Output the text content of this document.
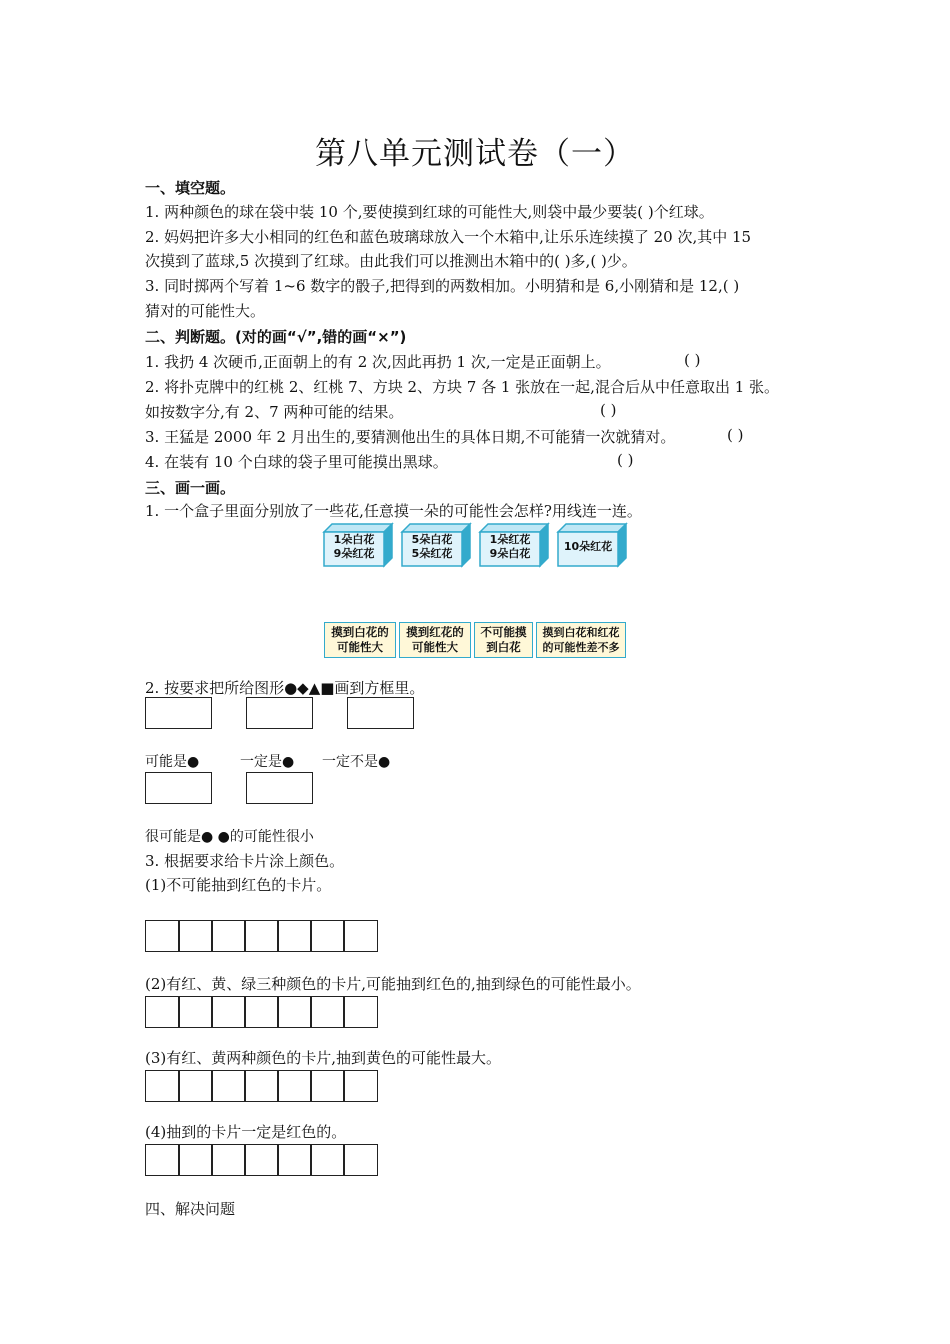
第八单元测试卷（一）
一、填空题。
1. 两种颜色的球在袋中装 10 个,要使摸到红球的可能性大,则袋中最少要装( )个红球。
2. 妈妈把许多大小相同的红色和蓝色玻璃球放入一个木箱中,让乐乐连续摸了 20 次,其中 15
次摸到了蓝球,5 次摸到了红球。由此我们可以推测出木箱中的( )多,( )少。
3. 同时掷两个写着 1~6 数字的骰子,把得到的两数相加。小明猜和是 6,小刚猜和是 12,( )
猜对的可能性大。
二、判断题。(对的画“√”,错的画“×”)
1. 我扔 4 次硬币,正面朝上的有 2 次,因此再扔 1 次,一定是正面朝上。	( )
2. 将扑克牌中的红桃 2、红桃 7、方块 2、方块 7 各 1 张放在一起,混合后从中任意取出 1 张。
如按数字分,有 2、7 两种可能的结果。	( )
3. 王猛是 2000 年 2 月出生的,要猜测他出生的具体日期,不可能猜一次就猜对。	( )
4. 在装有 10 个白球的袋子里可能摸出黑球。	( )
三、画一画。
1. 一个盒子里面分别放了一些花,任意摸一朵的可能性会怎样?用线连一连。
1朵白花
9朵红花
5朵白花
5朵红花
1朵红花
9朵白花
10朵红花
摸到白花的
可能性大
摸到红花的
可能性大
不可能摸
到白花
摸到白花和红花
的可能性差不多
2. 按要求把所给图形●◆▲■画到方框里。
可能是●	一定是● 一定不是●
很可能是● ●的可能性很小
3. 根据要求给卡片涂上颜色。
(1)不可能抽到红色的卡片。
(2)有红、黄、绿三种颜色的卡片,可能抽到红色的,抽到绿色的可能性最小。
(3)有红、黄两种颜色的卡片,抽到黄色的可能性最大。
(4)抽到的卡片一定是红色的。
四、解决问题
